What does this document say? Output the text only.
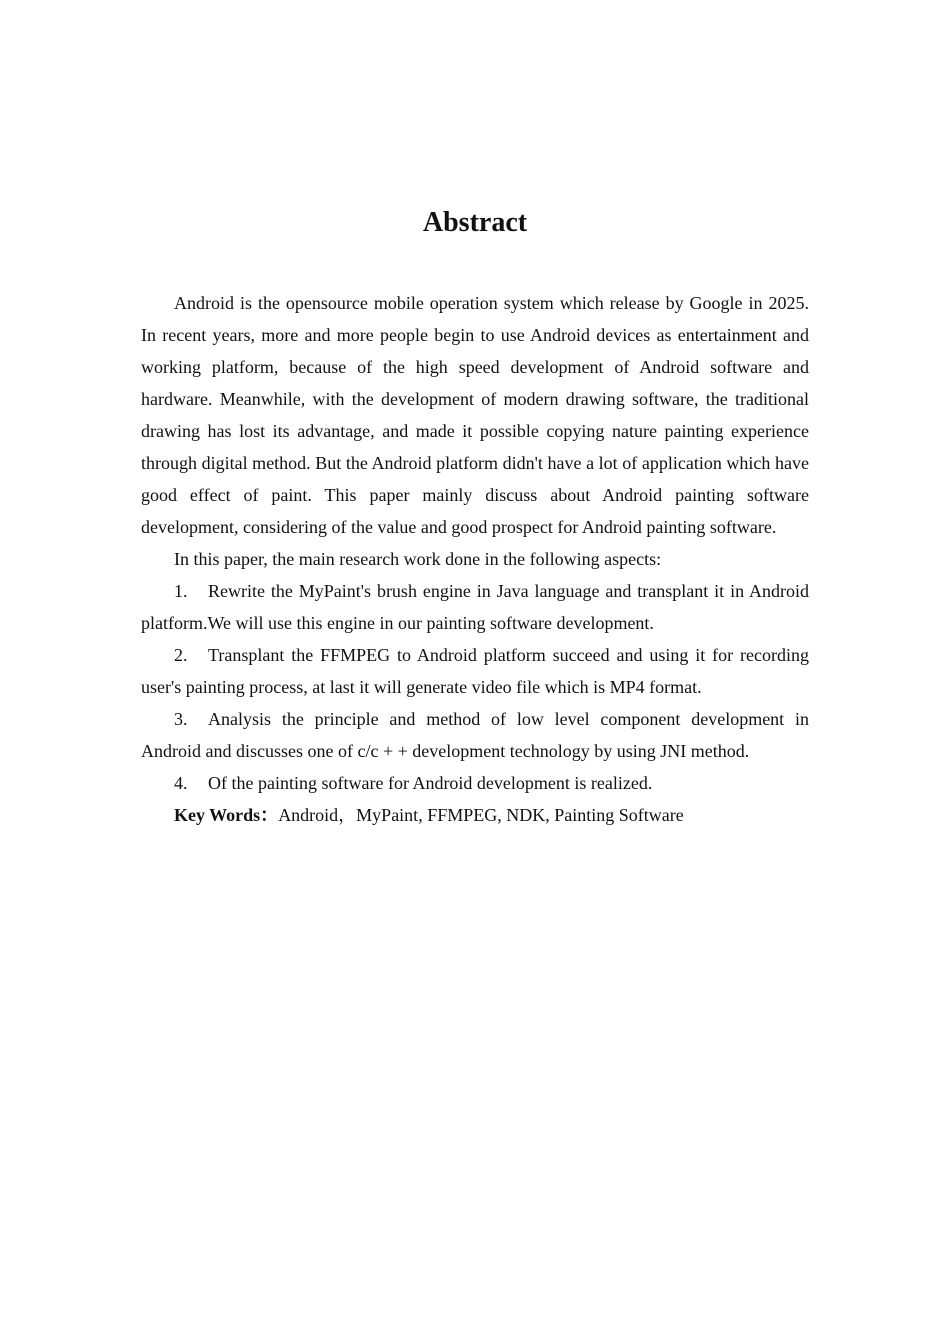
Abstract

Android is the opensource mobile operation system which release by Google in 2025. In recent years, more and more people begin to use Android devices as entertainment and working platform, because of the high speed development of Android software and hardware. Meanwhile, with the development of modern drawing software, the traditional drawing has lost its advantage, and made it possible copying nature painting experience through digital method. But the Android platform didn't have a lot of application which have good effect of paint. This paper mainly discuss about Android painting software development, considering of the value and good prospect for Android painting software.

In this paper, the main research work done in the following aspects:

1. Rewrite the MyPaint's brush engine in Java language and transplant it in Android platform.We will use this engine in our painting software development.

2. Transplant the FFMPEG to Android platform succeed and using it for recording user's painting process, at last it will generate video file which is MP4 format.

3. Analysis the principle and method of low level component development in Android and discusses one of c/c + + development technology by using JNI method.

4. Of the painting software for Android development is realized.

Key Words：Android，MyPaint, FFMPEG, NDK, Painting Software
